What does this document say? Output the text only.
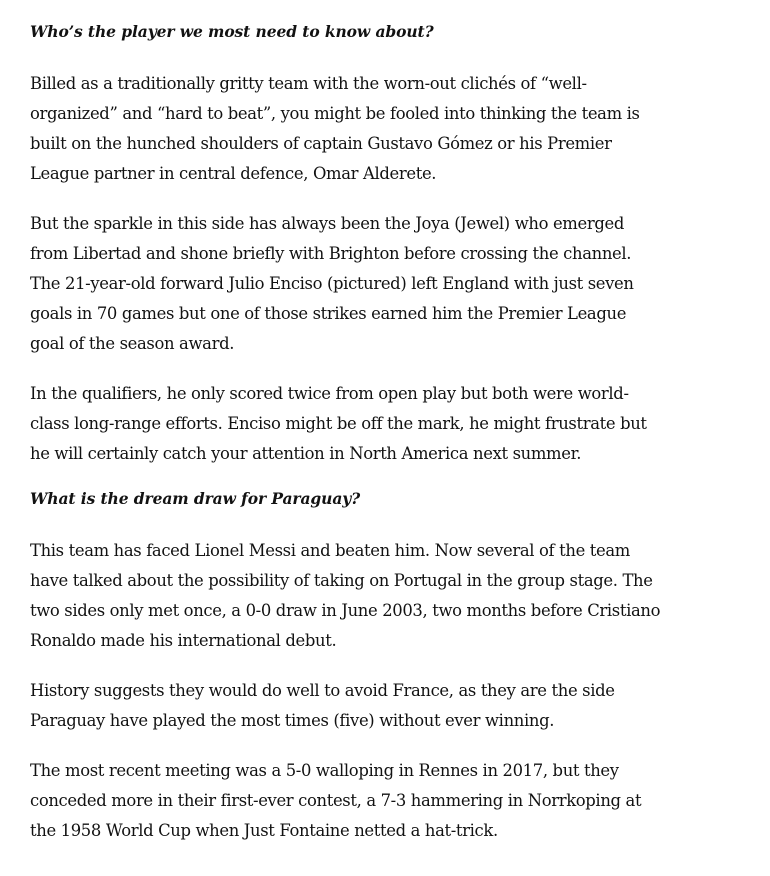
Who’s the player we most need to know about?

Billed as a traditionally gritty team with the worn-out clichés of “well-
organized” and “hard to beat”, you might be fooled into thinking the team is
built on the hunched shoulders of captain Gustavo Gómez or his Premier
League partner in central defence, Omar Alderete.

But the sparkle in this side has always been the Joya (Jewel) who emerged
from Libertad and shone briefly with Brighton before crossing the channel.
The 21-year-old forward Julio Enciso (pictured) left England with just seven
goals in 70 games but one of those strikes earned him the Premier League
goal of the season award.

In the qualifiers, he only scored twice from open play but both were world-
class long-range efforts. Enciso might be off the mark, he might frustrate but
he will certainly catch your attention in North America next summer.

What is the dream draw for Paraguay?

This team has faced Lionel Messi and beaten him. Now several of the team
have talked about the possibility of taking on Portugal in the group stage. The
two sides only met once, a 0-0 draw in June 2003, two months before Cristiano
Ronaldo made his international debut.

History suggests they would do well to avoid France, as they are the side
Paraguay have played the most times (five) without ever winning.

The most recent meeting was a 5-0 walloping in Rennes in 2017, but they
conceded more in their first-ever contest, a 7-3 hammering in Norrkoping at
the 1958 World Cup when Just Fontaine netted a hat-trick.
